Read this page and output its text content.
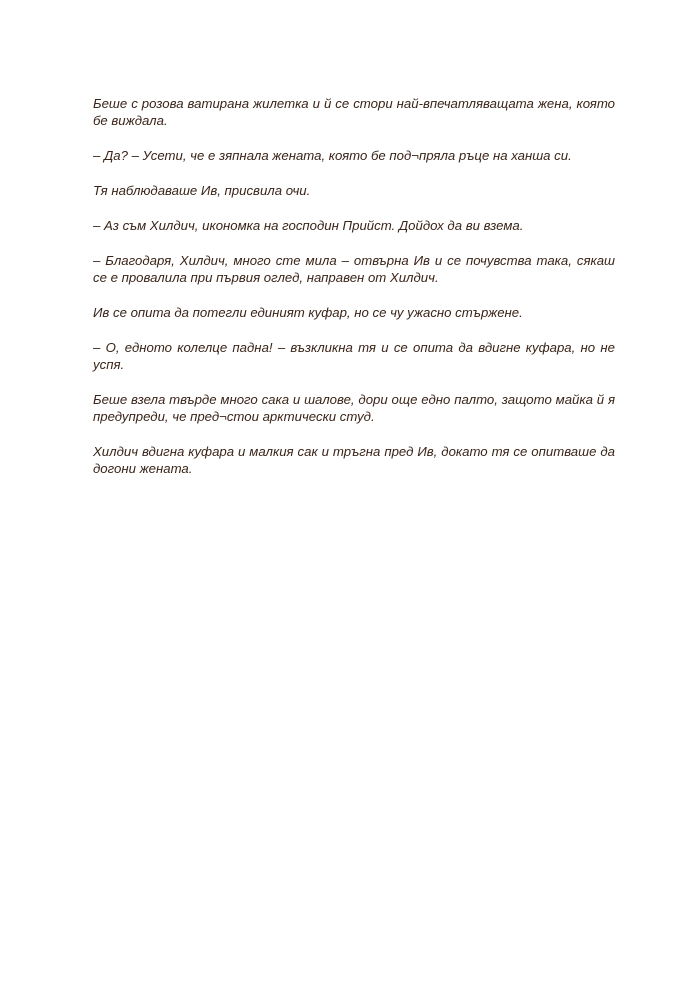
Беше с розова ватирана жилетка и й се стори най-впечатляващата жена, която бе виждала.

– Да? – Усети, че е зяпнала жената, която бе под¬пряла ръце на ханша си.

Тя наблюдаваше Ив, присвила очи.

– Аз съм Хилдич, икономка на господин Прийст. Дойдох да ви взема.

– Благодаря, Хилдич, много сте мила – отвърна Ив и се почувства така, сякаш се е провалила при първия оглед, направен от Хилдич.

Ив се опита да потегли единият куфар, но се чу ужасно стържене.

– О, едното колелце падна! – възкликна тя и се опита да вдигне куфара, но не успя.

Беше взела твърде много сака и шалове, дори още едно палто, защото майка й я предупреди, че пред¬стои арктически студ.

Хилдич вдигна куфара и малкия сак и тръгна пред Ив, докато тя се опитваше да догони жената.
